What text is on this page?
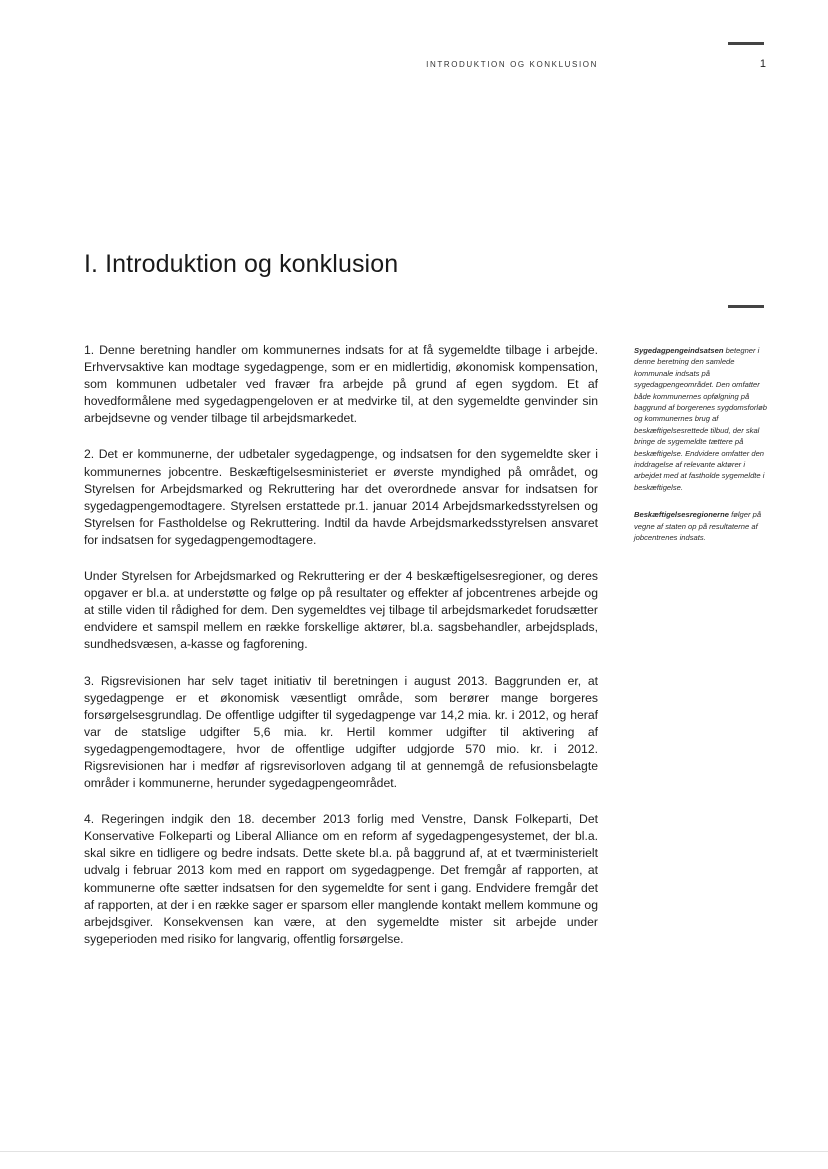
INTRODUKTION OG KONKLUSION	1
I. Introduktion og konklusion

1. Denne beretning handler om kommunernes indsats for at få sygemeldte tilbage i arbejde. Erhvervsaktive kan modtage sygedagpenge, som er en midlertidig, økonomisk kompensation, som kommunen udbetaler ved fravær fra arbejde på grund af egen sygdom. Et af hovedformålene med sygedagpengeloven er at medvirke til, at den sygemeldte genvinder sin arbejdsevne og vender tilbage til arbejdsmarkedet.

2. Det er kommunerne, der udbetaler sygedagpenge, og indsatsen for den sygemeldte sker i kommunernes jobcentre. Beskæftigelsesministeriet er øverste myndighed på området, og Styrelsen for Arbejdsmarked og Rekruttering har det overordnede ansvar for indsatsen for sygedagpengemodtagere. Styrelsen erstattede pr.1. januar 2014 Arbejdsmarkedsstyrelsen og Styrelsen for Fastholdelse og Rekruttering. Indtil da havde Arbejdsmarkedsstyrelsen ansvaret for indsatsen for sygedagpengemodtagere.

Under Styrelsen for Arbejdsmarked og Rekruttering er der 4 beskæftigelsesregioner, og deres opgaver er bl.a. at understøtte og følge op på resultater og effekter af jobcentrenes arbejde og at stille viden til rådighed for dem. Den sygemeldtes vej tilbage til arbejdsmarkedet forudsætter endvidere et samspil mellem en række forskellige aktører, bl.a. sagsbehandler, arbejdsplads, sundhedsvæsen, a-kasse og fagforening.

3. Rigsrevisionen har selv taget initiativ til beretningen i august 2013. Baggrunden er, at sygedagpenge er et økonomisk væsentligt område, som berører mange borgeres forsørgelsesgrundlag. De offentlige udgifter til sygedagpenge var 14,2 mia. kr. i 2012, og heraf var de statslige udgifter 5,6 mia. kr. Hertil kommer udgifter til aktivering af sygedagpengemodtagere, hvor de offentlige udgifter udgjorde 570 mio. kr. i 2012. Rigsrevisionen har i medfør af rigsrevisorloven adgang til at gennemgå de refusionsbelagte områder i kommunerne, herunder sygedagpengeområdet.

4. Regeringen indgik den 18. december 2013 forlig med Venstre, Dansk Folkeparti, Det Konservative Folkeparti og Liberal Alliance om en reform af sygedagpengesystemet, der bl.a. skal sikre en tidligere og bedre indsats. Dette skete bl.a. på baggrund af, at et tværministerielt udvalg i februar 2013 kom med en rapport om sygedagpenge. Det fremgår af rapporten, at kommunerne ofte sætter indsatsen for den sygemeldte for sent i gang. Endvidere fremgår det af rapporten, at der i en række sager er sparsom eller manglende kontakt mellem kommune og arbejdsgiver. Konsekvensen kan være, at den sygemeldte mister sit arbejde under sygeperioden med risiko for langvarig, offentlig forsørgelse.

Sygedagpengeindsatsen betegner i denne beretning den samlede kommunale indsats på sygedagpengeområdet. Den omfatter både kommunernes opfølgning på baggrund af borgerenes sygdomsforløb og kommunernes brug af beskæftigelsesrettede tilbud, der skal bringe de sygemeldte tættere på beskæftigelse. Endvidere omfatter den inddragelse af relevante aktører i arbejdet med at fastholde sygemeldte i beskæftigelse.

Beskæftigelsesregionerne følger på vegne af staten op på resultaterne af jobcentrenes indsats.
